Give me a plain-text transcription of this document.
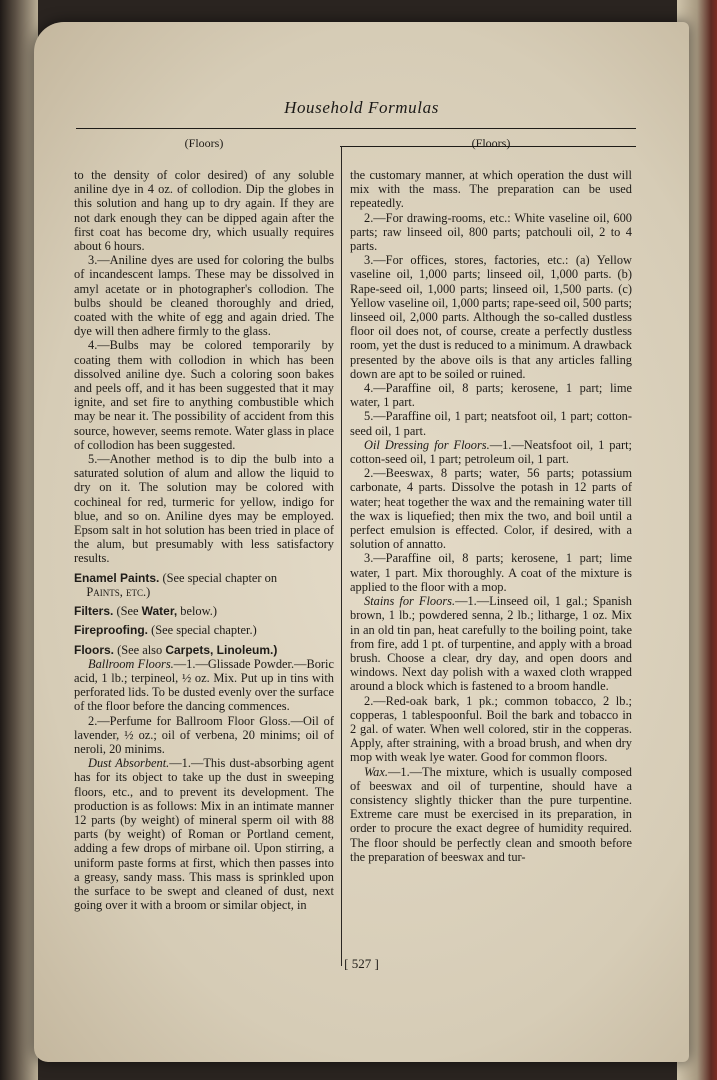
Household Formulas
(Floors)

to the density of color desired) of any soluble aniline dye in 4 oz. of collodion. Dip the globes in this solution and hang up to dry again. If they are not dark enough they can be dipped again after the first coat has become dry, which usually requires about 6 hours.

3.—Aniline dyes are used for coloring the bulbs of incandescent lamps. These may be dissolved in amyl acetate or in photographer's collodion. The bulbs should be cleaned thoroughly and dried, coated with the white of egg and again dried. The dye will then adhere firmly to the glass.

4.—Bulbs may be colored temporarily by coating them with collodion in which has been dissolved aniline dye. Such a coloring soon bakes and peels off, and it has been suggested that it may ignite, and set fire to anything combustible which may be near it. The possibility of accident from this source, however, seems remote. Water glass in place of collodion has been suggested.

5.—Another method is to dip the bulb into a saturated solution of alum and allow the liquid to dry on it. The solution may be colored with cochineal for red, turmeric for yellow, indigo for blue, and so on. Aniline dyes may be employed. Epsom salt in hot solution has been tried in place of the alum, but presumably with less satisfactory results.

Enamel Paints. (See special chapter on
 Paints, etc.)

Filters. (See Water, below.)

Fireproofing. (See special chapter.)

Floors. (See also Carpets, Linoleum.)

Ballroom Floors.—1.—Glissade Powder.—Boric acid, 1 lb.; terpineol, ½ oz. Mix. Put up in tins with perforated lids. To be dusted evenly over the surface of the floor before the dancing commences.

2.—Perfume for Ballroom Floor Gloss.—Oil of lavender, ½ oz.; oil of verbena, 20 minims; oil of neroli, 20 minims.

Dust Absorbent.—1.—This dust-absorbing agent has for its object to take up the dust in sweeping floors, etc., and to prevent its development. The production is as follows: Mix in an intimate manner 12 parts (by weight) of mineral sperm oil with 88 parts (by weight) of Roman or Portland cement, adding a few drops of mirbane oil. Upon stirring, a uniform paste forms at first, which then passes into a greasy, sandy mass. This mass is sprinkled upon the surface to be swept and cleaned of dust, next going over it with a broom or similar object, in

(Floors)

the customary manner, at which operation the dust will mix with the mass. The preparation can be used repeatedly.

2.—For drawing-rooms, etc.: White vaseline oil, 600 parts; raw linseed oil, 800 parts; patchouli oil, 2 to 4 parts.

3.—For offices, stores, factories, etc.: (a) Yellow vaseline oil, 1,000 parts; linseed oil, 1,000 parts. (b) Rape-seed oil, 1,000 parts; linseed oil, 1,500 parts. (c) Yellow vaseline oil, 1,000 parts; rape-seed oil, 500 parts; linseed oil, 2,000 parts. Although the so-called dustless floor oil does not, of course, create a perfectly dustless room, yet the dust is reduced to a minimum. A drawback presented by the above oils is that any articles falling down are apt to be soiled or ruined.

4.—Paraffine oil, 8 parts; kerosene, 1 part; lime water, 1 part.

5.—Paraffine oil, 1 part; neatsfoot oil, 1 part; cotton-seed oil, 1 part.

Oil Dressing for Floors.—1.—Neatsfoot oil, 1 part; cotton-seed oil, 1 part; petroleum oil, 1 part.

2.—Beeswax, 8 parts; water, 56 parts; potassium carbonate, 4 parts. Dissolve the potash in 12 parts of water; heat together the wax and the remaining water till the wax is liquefied; then mix the two, and boil until a perfect emulsion is effected. Color, if desired, with a solution of annatto.

3.—Paraffine oil, 8 parts; kerosene, 1 part; lime water, 1 part. Mix thoroughly. A coat of the mixture is applied to the floor with a mop.

Stains for Floors.—1.—Linseed oil, 1 gal.; Spanish brown, 1 lb.; powdered senna, 2 lb.; litharge, 1 oz. Mix in an old tin pan, heat carefully to the boiling point, take from fire, add 1 pt. of turpentine, and apply with a broad brush. Choose a clear, dry day, and open doors and windows. Next day polish with a waxed cloth wrapped around a block which is fastened to a broom handle.

2.—Red-oak bark, 1 pk.; common tobacco, 2 lb.; copperas, 1 tablespoonful. Boil the bark and tobacco in 2 gal. of water. When well colored, stir in the copperas. Apply, after straining, with a broad brush, and when dry mop with weak lye water. Good for common floors.

Wax.—1.—The mixture, which is usually composed of beeswax and oil of turpentine, should have a consistency slightly thicker than the pure turpentine. Extreme care must be exercised in its preparation, in order to procure the exact degree of humidity required. The floor should be perfectly clean and smooth before the preparation of beeswax and tur-

[ 527 ]
